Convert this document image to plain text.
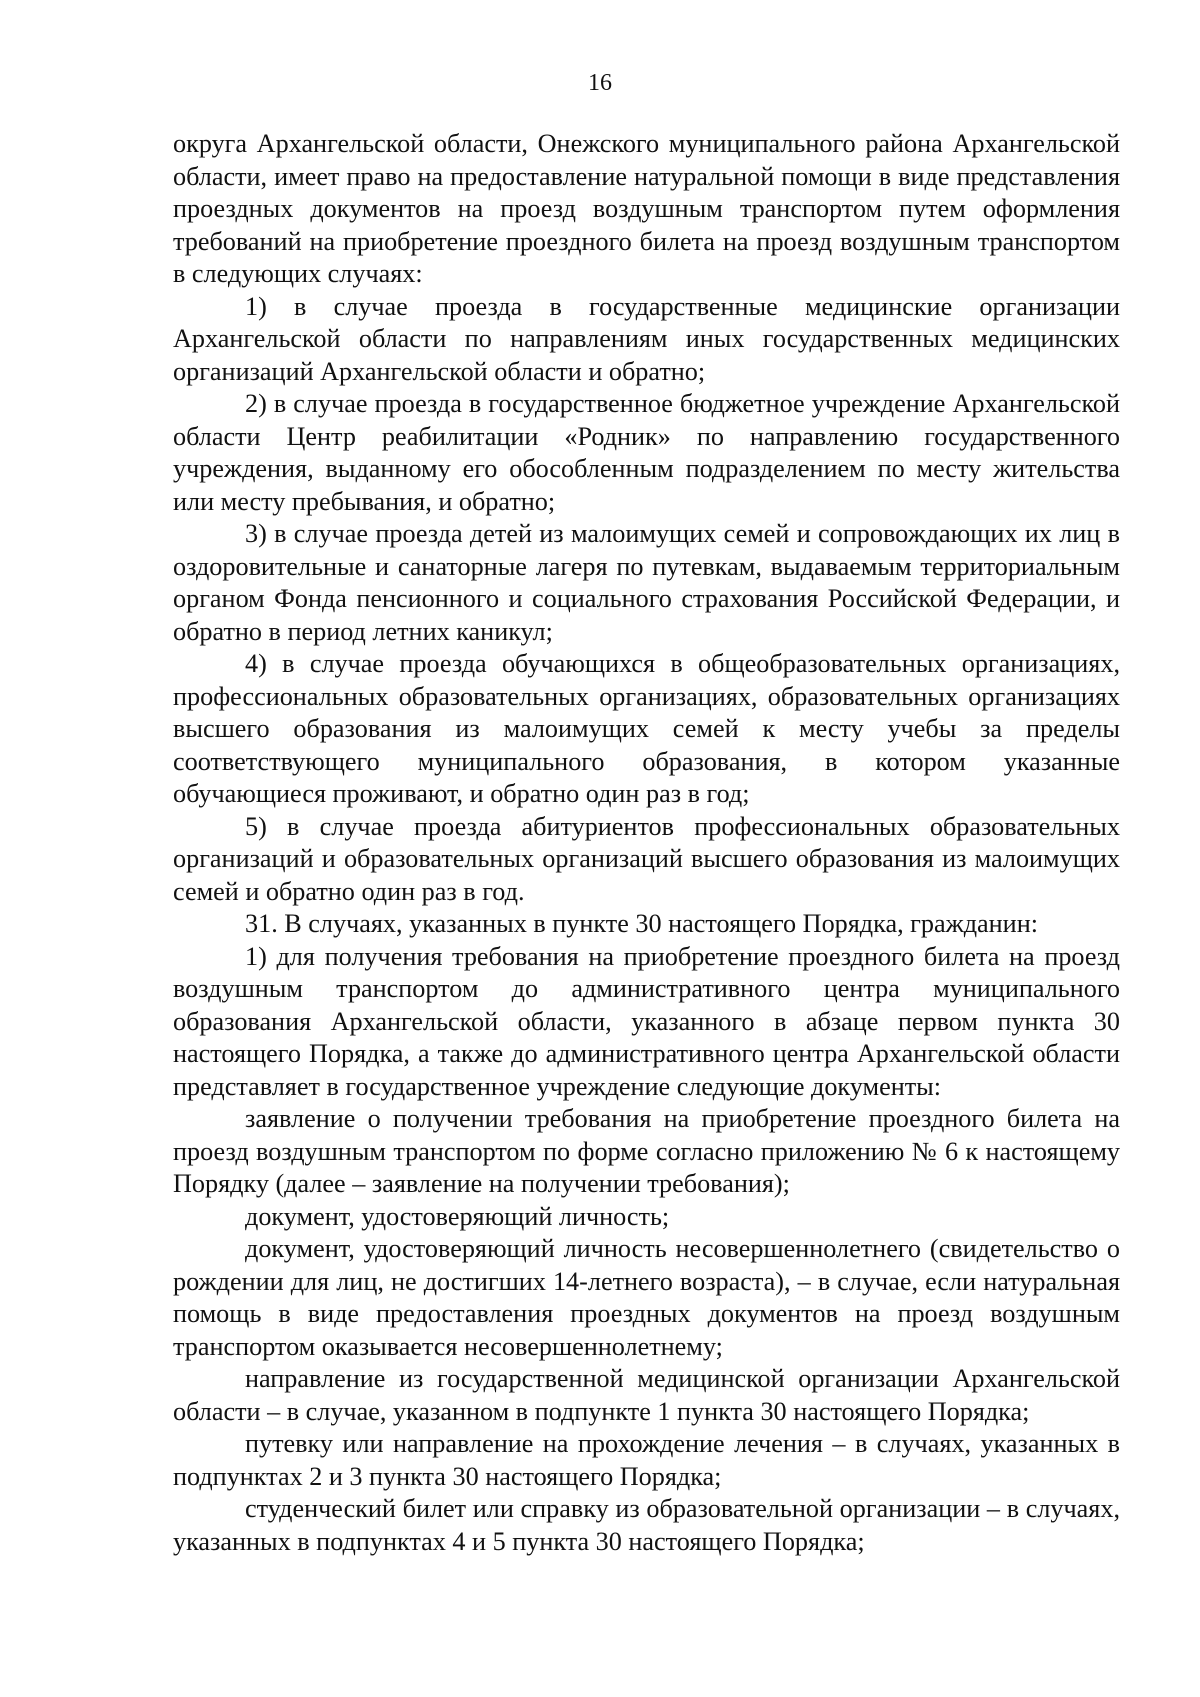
16

округа Архангельской области, Онежского муниципального района Архангельской области, имеет право на предоставление натуральной помощи в виде представления проездных документов на проезд воздушным транспортом путем оформления требований на приобретение проездного билета на проезд воздушным транспортом в следующих случаях:

1) в случае проезда в государственные медицинские организации Архангельской области по направлениям иных государственных медицинских организаций Архангельской области и обратно;

2) в случае проезда в государственное бюджетное учреждение Архангельской области Центр реабилитации «Родник» по направлению государственного учреждения, выданному его обособленным подразделением по месту жительства или месту пребывания, и обратно;

3) в случае проезда детей из малоимущих семей и сопровождающих их лиц в оздоровительные и санаторные лагеря по путевкам, выдаваемым территориальным органом Фонда пенсионного и социального страхования Российской Федерации, и обратно в период летних каникул;

4) в случае проезда обучающихся в общеобразовательных организациях, профессиональных образовательных организациях, образовательных организациях высшего образования из малоимущих семей к месту учебы за пределы соответствующего муниципального образования, в котором указанные обучающиеся проживают, и обратно один раз в год;

5) в случае проезда абитуриентов профессиональных образовательных организаций и образовательных организаций высшего образования из малоимущих семей и обратно один раз в год.

31. В случаях, указанных в пункте 30 настоящего Порядка, гражданин:

1) для получения требования на приобретение проездного билета на проезд воздушным транспортом до административного центра муниципального образования Архангельской области, указанного в абзаце первом пункта 30 настоящего Порядка, а также до административного центра Архангельской области представляет в государственное учреждение следующие документы:

заявление о получении требования на приобретение проездного билета на проезд воздушным транспортом по форме согласно приложению № 6 к настоящему Порядку (далее – заявление на получении требования);

документ, удостоверяющий личность;

документ, удостоверяющий личность несовершеннолетнего (свидетельство о рождении для лиц, не достигших 14-летнего возраста), – в случае, если натуральная помощь в виде предоставления проездных документов на проезд воздушным транспортом оказывается несовершеннолетнему;

направление из государственной медицинской организации Архангельской области – в случае, указанном в подпункте 1 пункта 30 настоящего Порядка;

путевку или направление на прохождение лечения – в случаях, указанных в подпунктах 2 и 3 пункта 30 настоящего Порядка;

студенческий билет или справку из образовательной организации – в случаях, указанных в подпунктах 4 и 5 пункта 30 настоящего Порядка;
